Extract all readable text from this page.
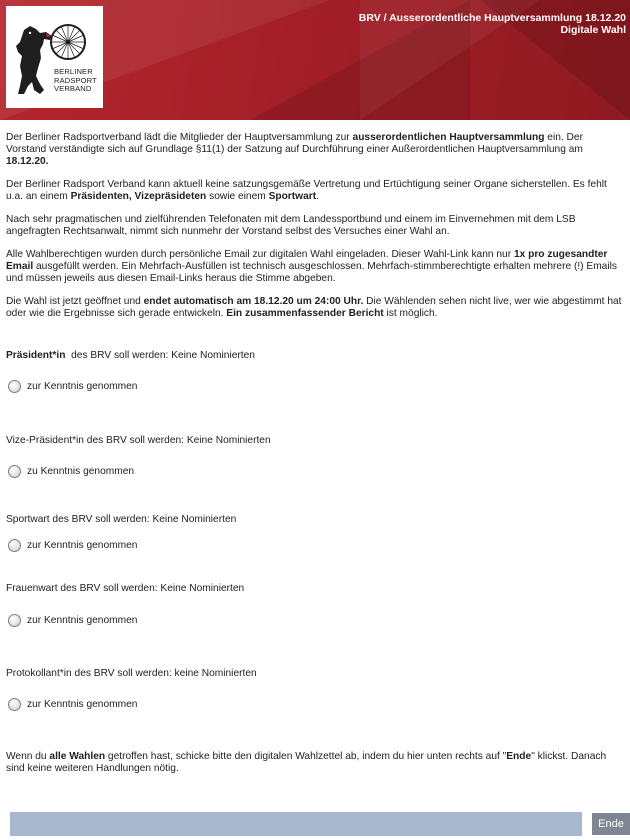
BERLINER
RADSPORT
VERBAND
BRV / Ausserordentliche Hauptversammlung 18.12.20
Digitale Wahl

Der Berliner Radsportverband lädt die Mitglieder der Hauptversammlung zur ausserordentlichen Hauptversammlung ein. Der Vorstand verständigte sich auf Grundlage §11(1) der Satzung auf Durchführung einer Außerordentlichen Hauptversammlung am 18.12.20.

Der Berliner Radsport Verband kann aktuell keine satzungsgemäße Vertretung und Ertüchtigung seiner Organe sicherstellen. Es fehlt u.a. an einem Präsidenten, Vizepräsideten sowie einem Sportwart.

Nach sehr pragmatischen und zielführenden Telefonaten mit dem Landessportbund und einem im Einvernehmen mit dem LSB angefragten Rechtsanwalt, nimmt sich nunmehr der Vorstand selbst des Versuches einer Wahl an.

Alle Wahlberechtigen wurden durch persönliche Email zur digitalen Wahl eingeladen. Dieser Wahl-Link kann nur 1x pro zugesandter Email ausgefüllt werden. Ein Mehrfach-Ausfüllen ist technisch ausgeschlossen. Mehrfach-stimmberechtigte erhalten mehrere (!) Emails und müssen jeweils aus diesen Email-Links heraus die Stimme abgeben.

Die Wahl ist jetzt geöffnet und endet automatisch am 18.12.20 um 24:00 Uhr. Die Wählenden sehen nicht live, wer wie abgestimmt hat oder wie die Ergebnisse sich gerade entwickeln. Ein zusammenfassender Bericht ist möglich.

Präsident*in  des BRV soll werden: Keine Nominierten
zur Kenntnis genommen
Vize-Präsident*in des BRV soll werden: Keine Nominierten
zu Kenntnis genommen
Sportwart des BRV soll werden: Keine Nominierten
zur Kenntnis genommen
Frauenwart des BRV soll werden: Keine Nominierten
zur Kenntnis genommen
Protokollant*in des BRV soll werden: keine Nominierten
zur Kenntnis genommen
Wenn du alle Wahlen getroffen hast, schicke bitte den digitalen Wahlzettel ab, indem du hier unten rechts auf "Ende" klickst. Danach sind keine weiteren Handlungen nötig.
Ende
